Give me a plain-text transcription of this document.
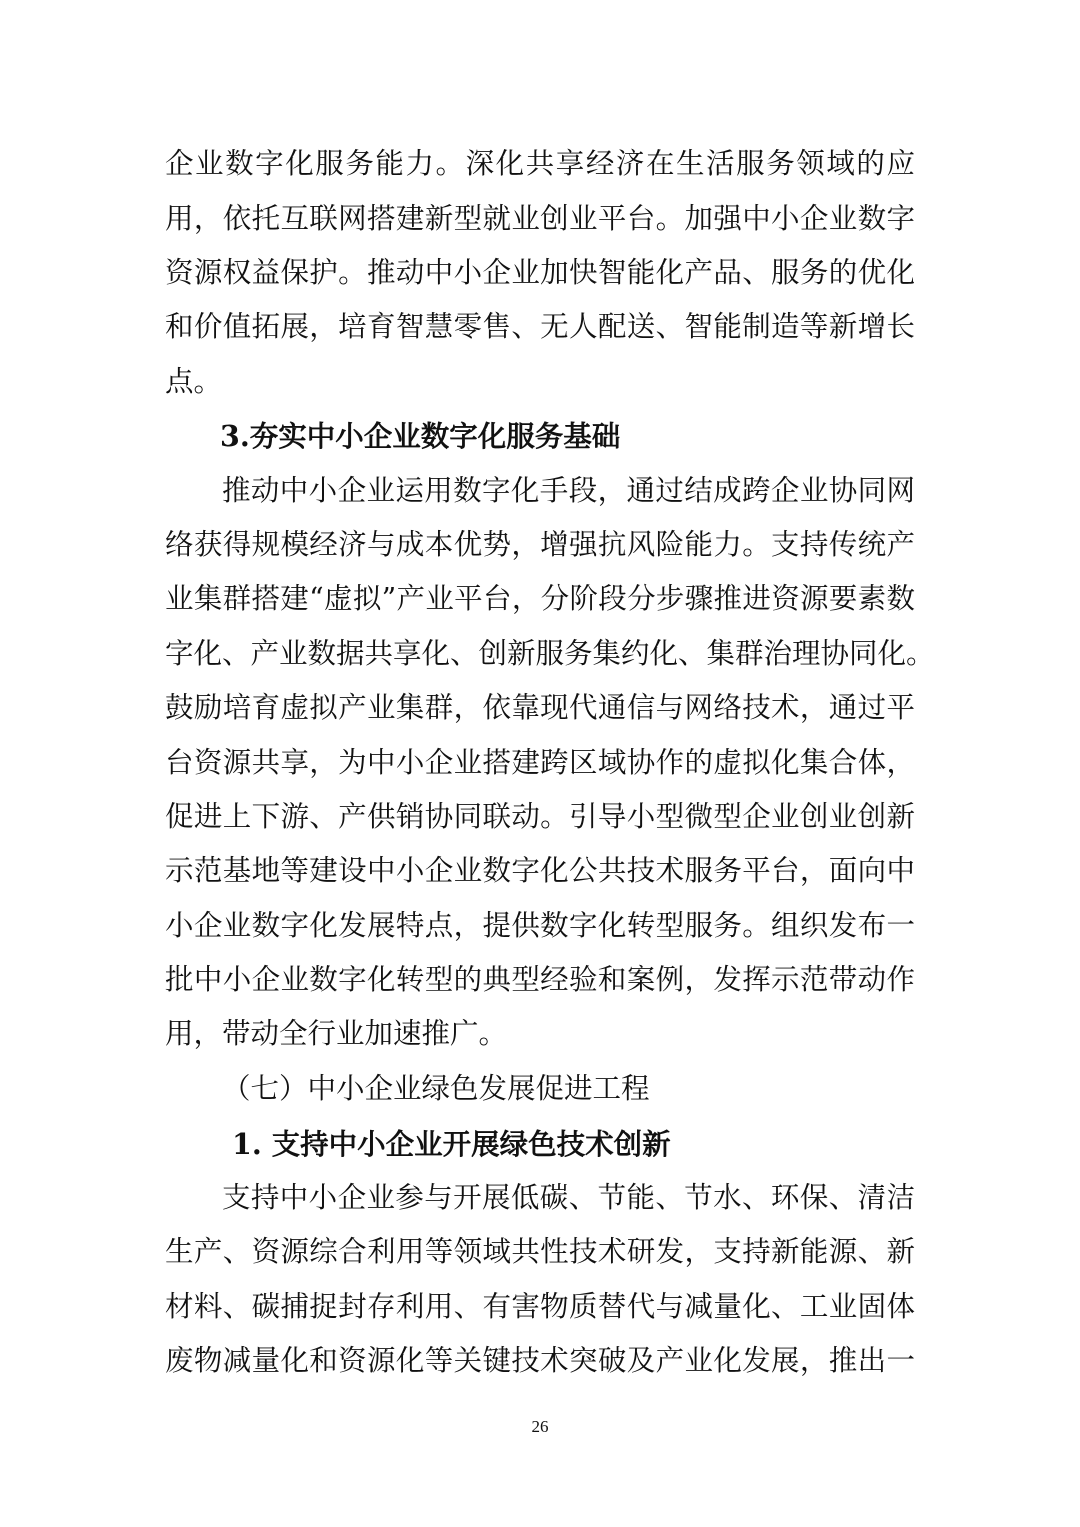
企业数字化服务能力。深化共享经济在生活服务领域的应
用，依托互联网搭建新型就业创业平台。加强中小企业数字
资源权益保护。推动中小企业加快智能化产品、服务的优化
和价值拓展，培育智慧零售、无人配送、智能制造等新增长
点。
3.夯实中小企业数字化服务基础
推动中小企业运用数字化手段，通过结成跨企业协同网
络获得规模经济与成本优势，增强抗风险能力。支持传统产
业集群搭建“虚拟”产业平台，分阶段分步骤推进资源要素数
字化、产业数据共享化、创新服务集约化、集群治理协同化。
鼓励培育虚拟产业集群，依靠现代通信与网络技术，通过平
台资源共享，为中小企业搭建跨区域协作的虚拟化集合体，
促进上下游、产供销协同联动。引导小型微型企业创业创新
示范基地等建设中小企业数字化公共技术服务平台，面向中
小企业数字化发展特点，提供数字化转型服务。组织发布一
批中小企业数字化转型的典型经验和案例，发挥示范带动作
用，带动全行业加速推广。
（七）中小企业绿色发展促进工程
1. 支持中小企业开展绿色技术创新
支持中小企业参与开展低碳、节能、节水、环保、清洁
生产、资源综合利用等领域共性技术研发，支持新能源、新
材料、碳捕捉封存利用、有害物质替代与减量化、工业固体
废物减量化和资源化等关键技术突破及产业化发展，推出一
26
